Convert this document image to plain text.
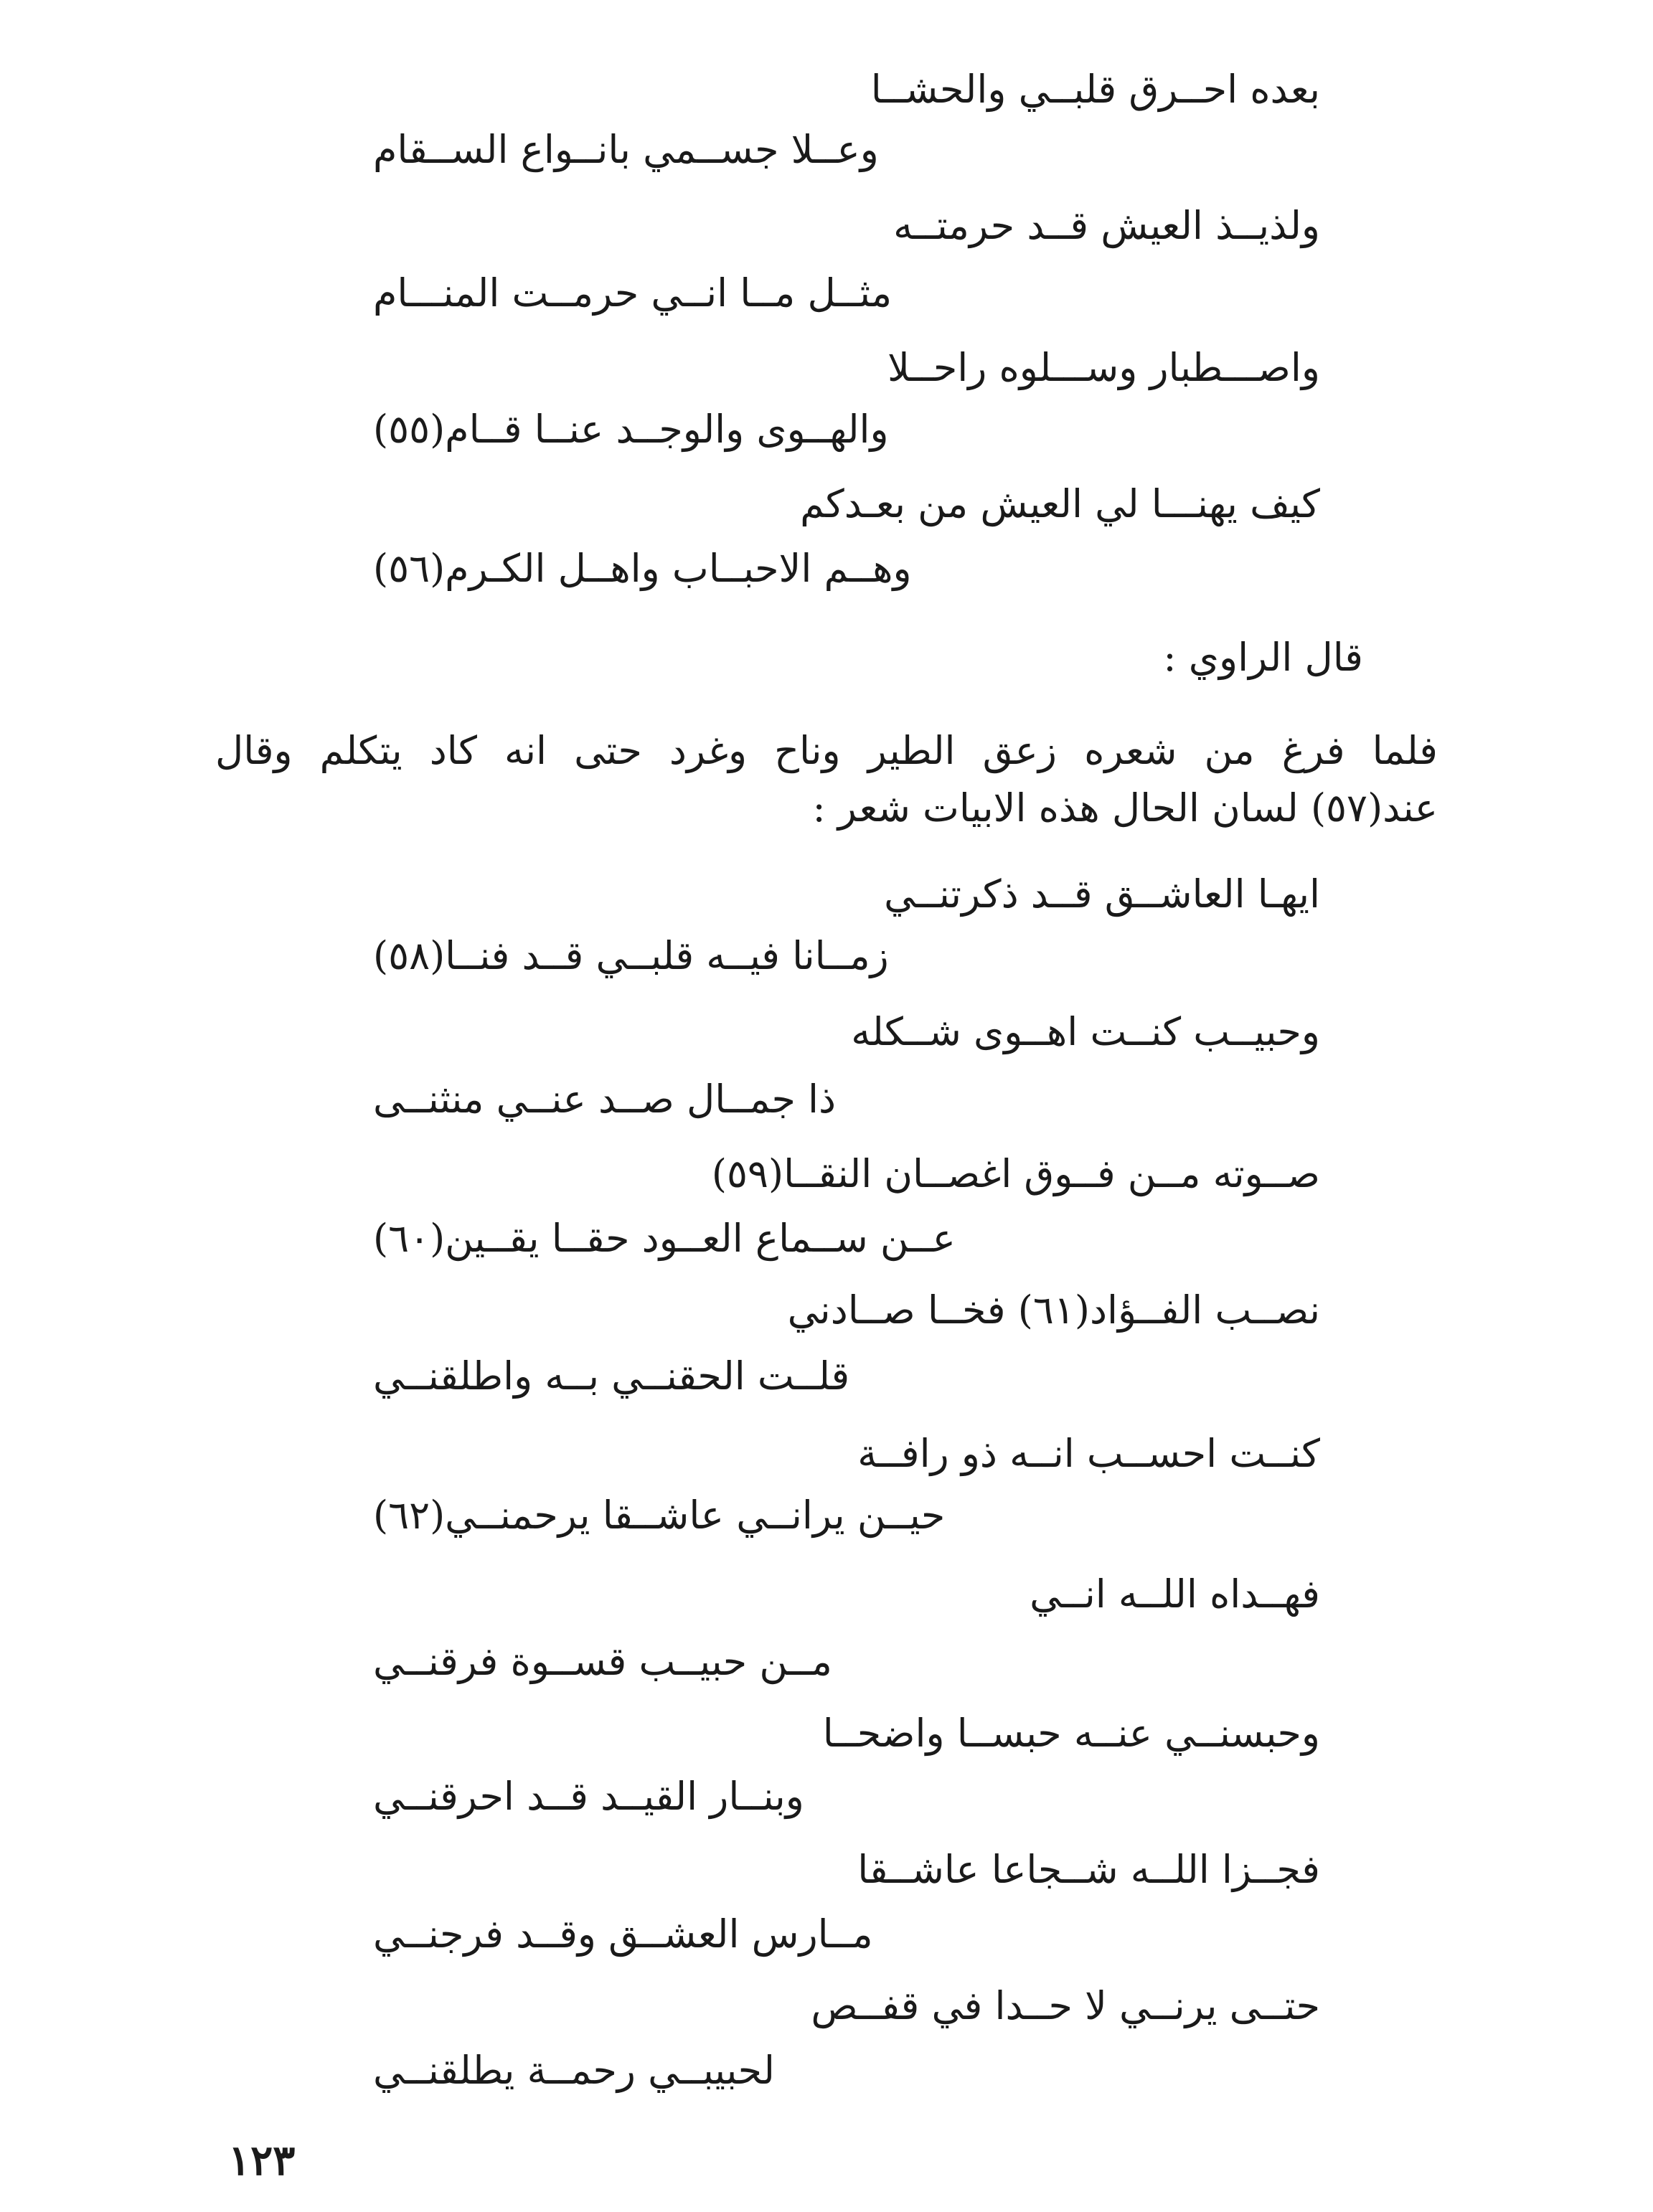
بعده احــرق قلبــي والحشــا
وعــلا جســمي بانــواع الســقام
ولذيــذ العيش قــد حرمتــه
مثــل مــا انــي حرمــت المنـــام
واصـــطبار وســـلوه راحــلا
والهــوى والوجــد عنــا قــام(٥٥)
كيف يهنـــا لي العيش من بعـدكم
وهــم الاحبــاب واهــل الكـرم(٥٦)
قال الراوي :
فلما فرغ من شعره زعق الطير وناح وغرد حتى انه كاد يتكلم وقال
عند(٥٧) لسان الحال هذه الابيات شعر :
ايهـا العاشــق قــد ذكرتنــي
زمــانا فيــه قلبــي قــد فنــا(٥٨)
وحبيــب كنــت اهــوى شــكله
ذا جمــال صــد عنــي منثنــى
صــوته مــن فــوق اغصــان النقــا(٥٩)
عــن ســماع العــود حقــا يقــين(٦٠)
نصــب الفــؤاد(٦١) فخــا صــادني
قلــت الحقنــي بــه واطلقنــي
كنــت احســب انــه ذو رافــة
حيــن يرانــي عاشــقا يرحمنــي(٦٢)
فهــداه اللــه انــي
مــن حبيــب قســوة فرقنــي
وحبسنــي عنــه حبســا واضحــا
وبنــار القيــد قــد احرقنــي
فجــزا اللــه شــجاعا عاشــقا
مــارس العشــق وقــد فرجنــي
حتــى يرنــي لا حــدا في قفــص
لحبيبــي رحمــة يطلقنــي
١٢٣
